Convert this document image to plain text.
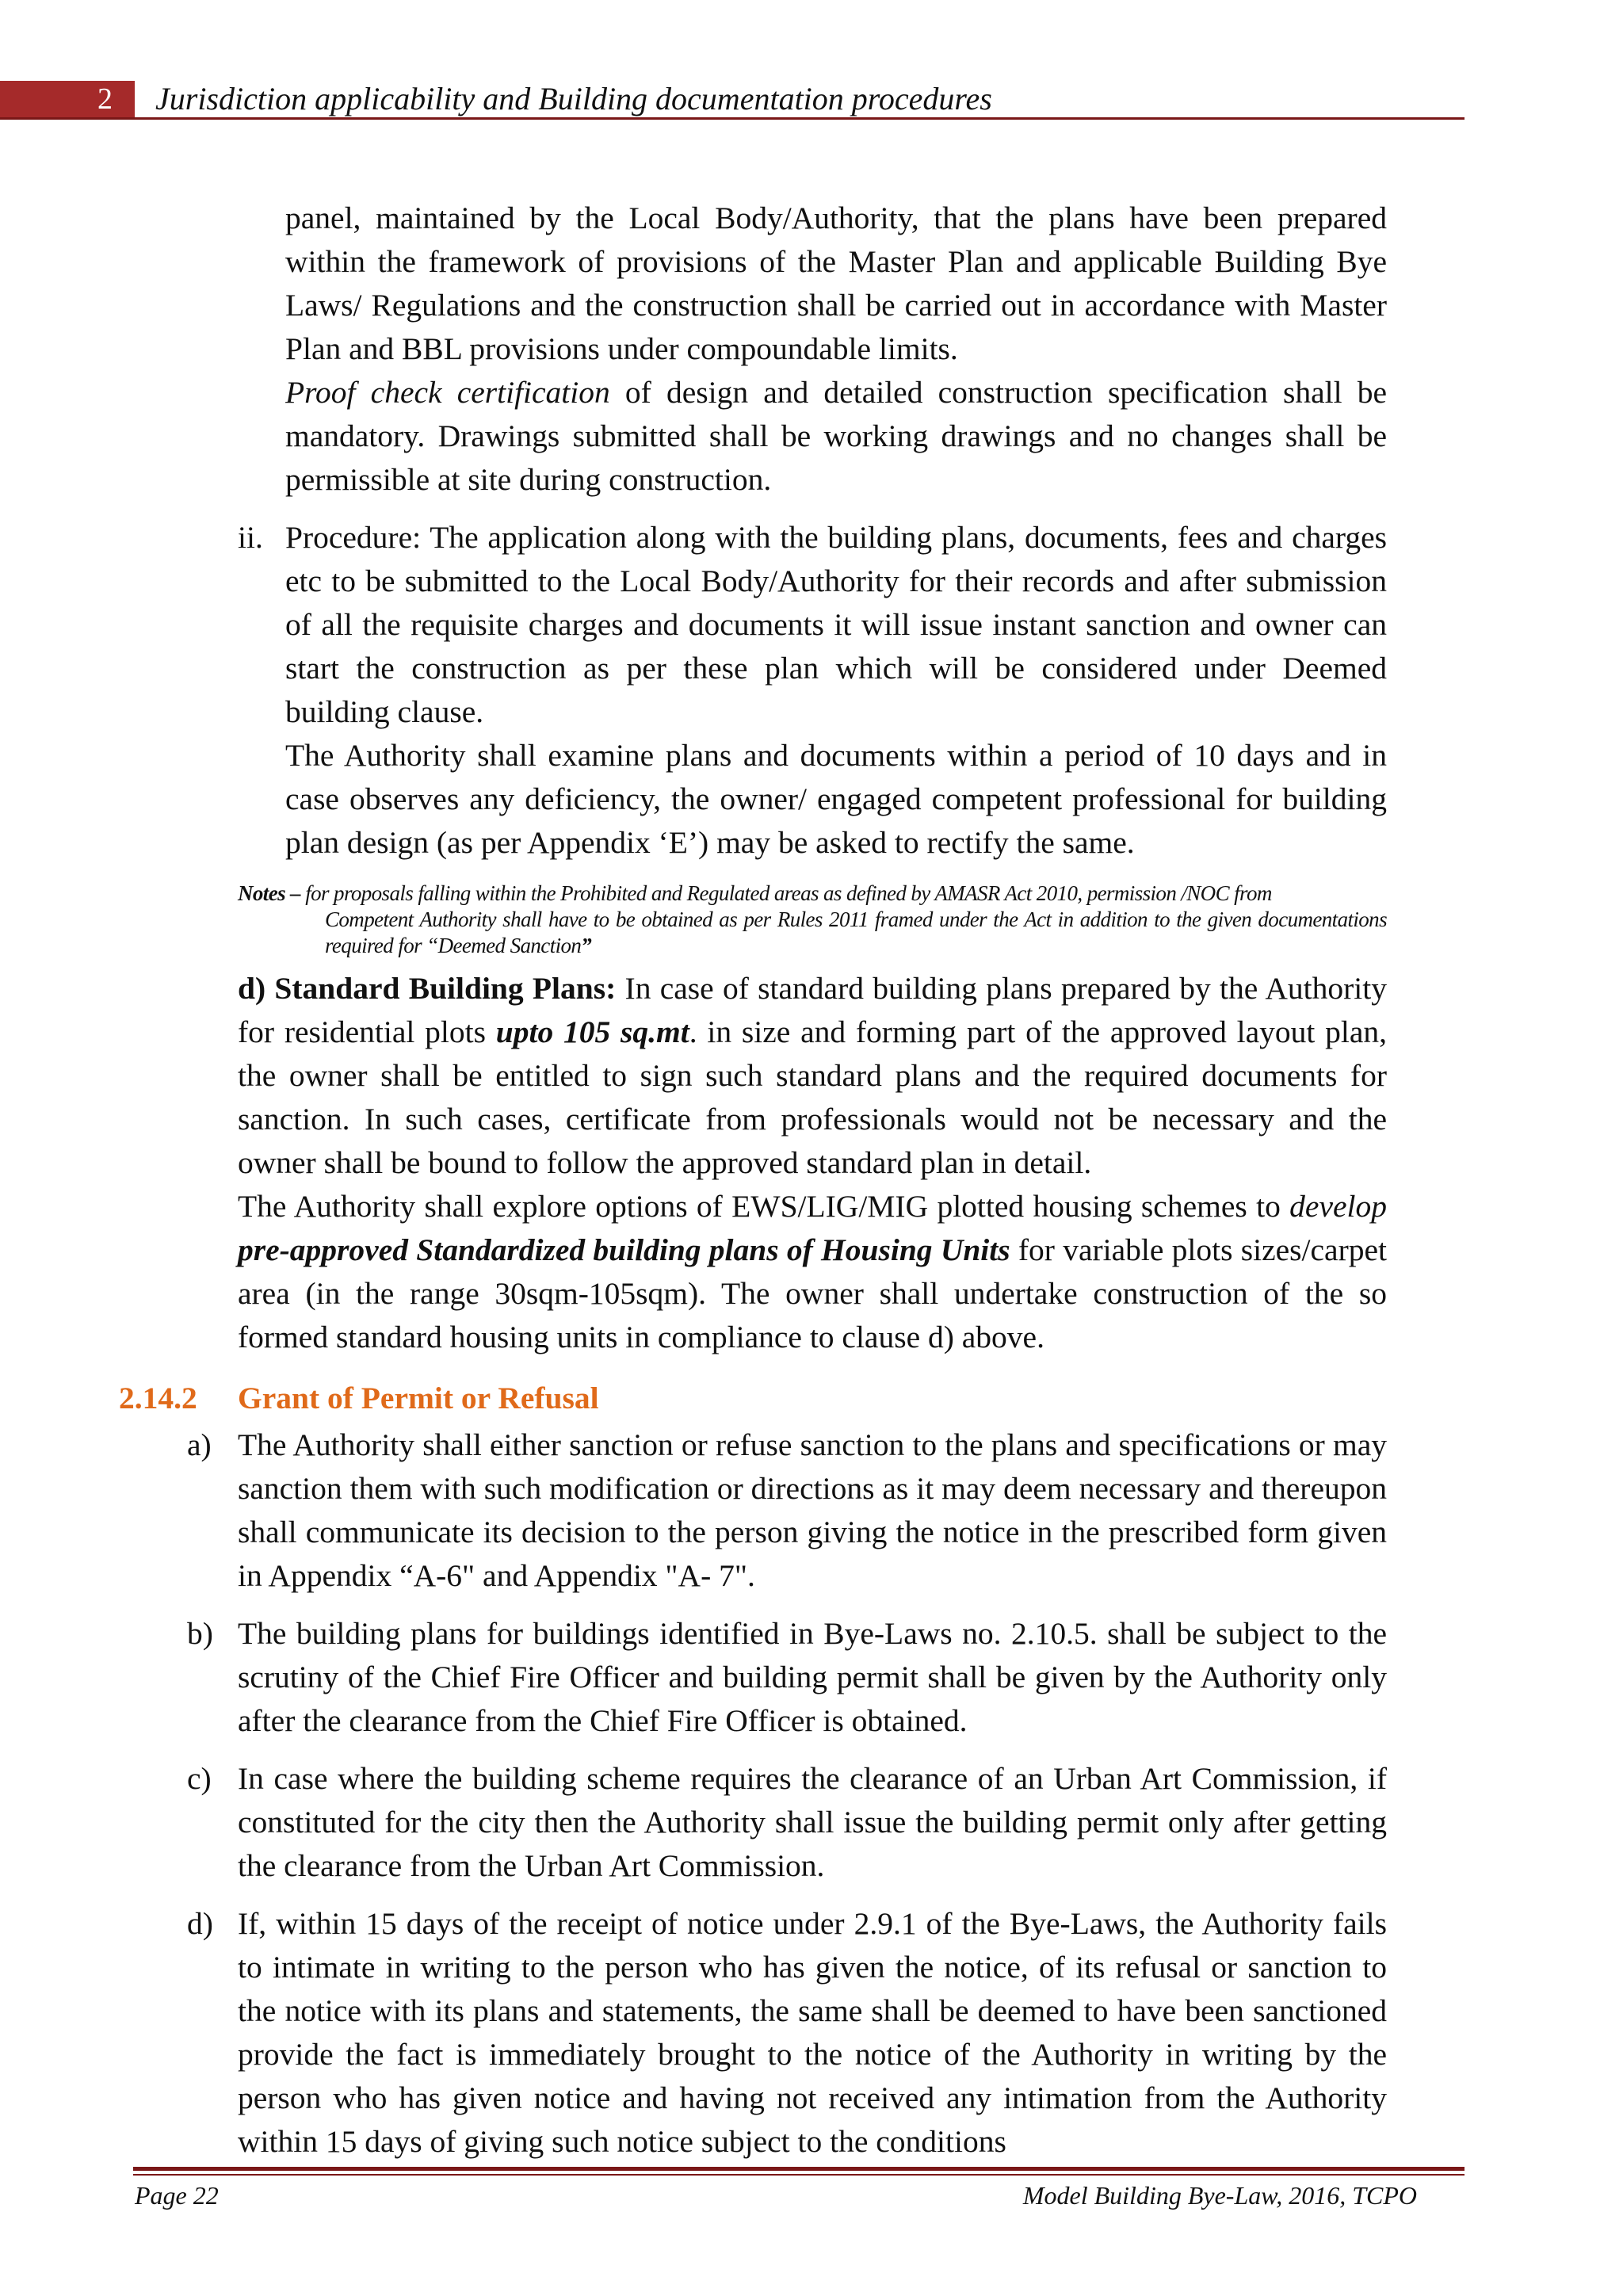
2	Jurisdiction applicability and Building documentation procedures

panel, maintained by the Local Body/Authority, that the plans have been prepared within the framework of provisions of the Master Plan and applicable Building Bye Laws/ Regulations and the construction shall be carried out in accordance with Master Plan and BBL provisions under compoundable limits.

Proof check certification of design and detailed construction specification shall be mandatory. Drawings submitted shall be working drawings and no changes shall be permissible at site during construction.

ii. Procedure: The application along with the building plans, documents, fees and charges etc to be submitted to the Local Body/Authority for their records and after submission of all the requisite charges and documents it will issue instant sanction and owner can start the construction as per these plan which will be considered under Deemed building clause.

The Authority shall examine plans and documents within a period of 10 days and in case observes any deficiency, the owner/ engaged competent professional for building plan design (as per Appendix ‘E’) may be asked to rectify the same.

Notes – for proposals falling within the Prohibited and Regulated areas as defined by AMASR Act 2010, permission /NOC from
Competent Authority shall have to be obtained as per Rules 2011 framed under the Act in addition to the given documentations required for “Deemed Sanction”

d) Standard Building Plans: In case of standard building plans prepared by the Authority for residential plots upto 105 sq.mt. in size and forming part of the approved layout plan, the owner shall be entitled to sign such standard plans and the required documents for sanction. In such cases, certificate from professionals would not be necessary and the owner shall be bound to follow the approved standard plan in detail.

The Authority shall explore options of EWS/LIG/MIG plotted housing schemes to develop pre-approved Standardized building plans of Housing Units for variable plots sizes/carpet area (in the range 30sqm-105sqm). The owner shall undertake construction of the so formed standard housing units in compliance to clause d) above.

2.14.2 Grant of Permit or Refusal
a) The Authority shall either sanction or refuse sanction to the plans and specifications or may sanction them with such modification or directions as it may deem necessary and thereupon shall communicate its decision to the person giving the notice in the prescribed form given in Appendix “A-6" and Appendix "A- 7".

b) The building plans for buildings identified in Bye-Laws no. 2.10.5. shall be subject to the scrutiny of the Chief Fire Officer and building permit shall be given by the Authority only after the clearance from the Chief Fire Officer is obtained.

c) In case where the building scheme requires the clearance of an Urban Art Commission, if constituted for the city then the Authority shall issue the building permit only after getting the clearance from the Urban Art Commission.

d) If, within 15 days of the receipt of notice under 2.9.1 of the Bye-Laws, the Authority fails to intimate in writing to the person who has given the notice, of its refusal or sanction to the notice with its plans and statements, the same shall be deemed to have been sanctioned provide the fact is immediately brought to the notice of the Authority in writing by the person who has given notice and having not received any intimation from the Authority within 15 days of giving such notice subject to the conditions

Page 22	Model Building Bye-Law, 2016, TCPO
